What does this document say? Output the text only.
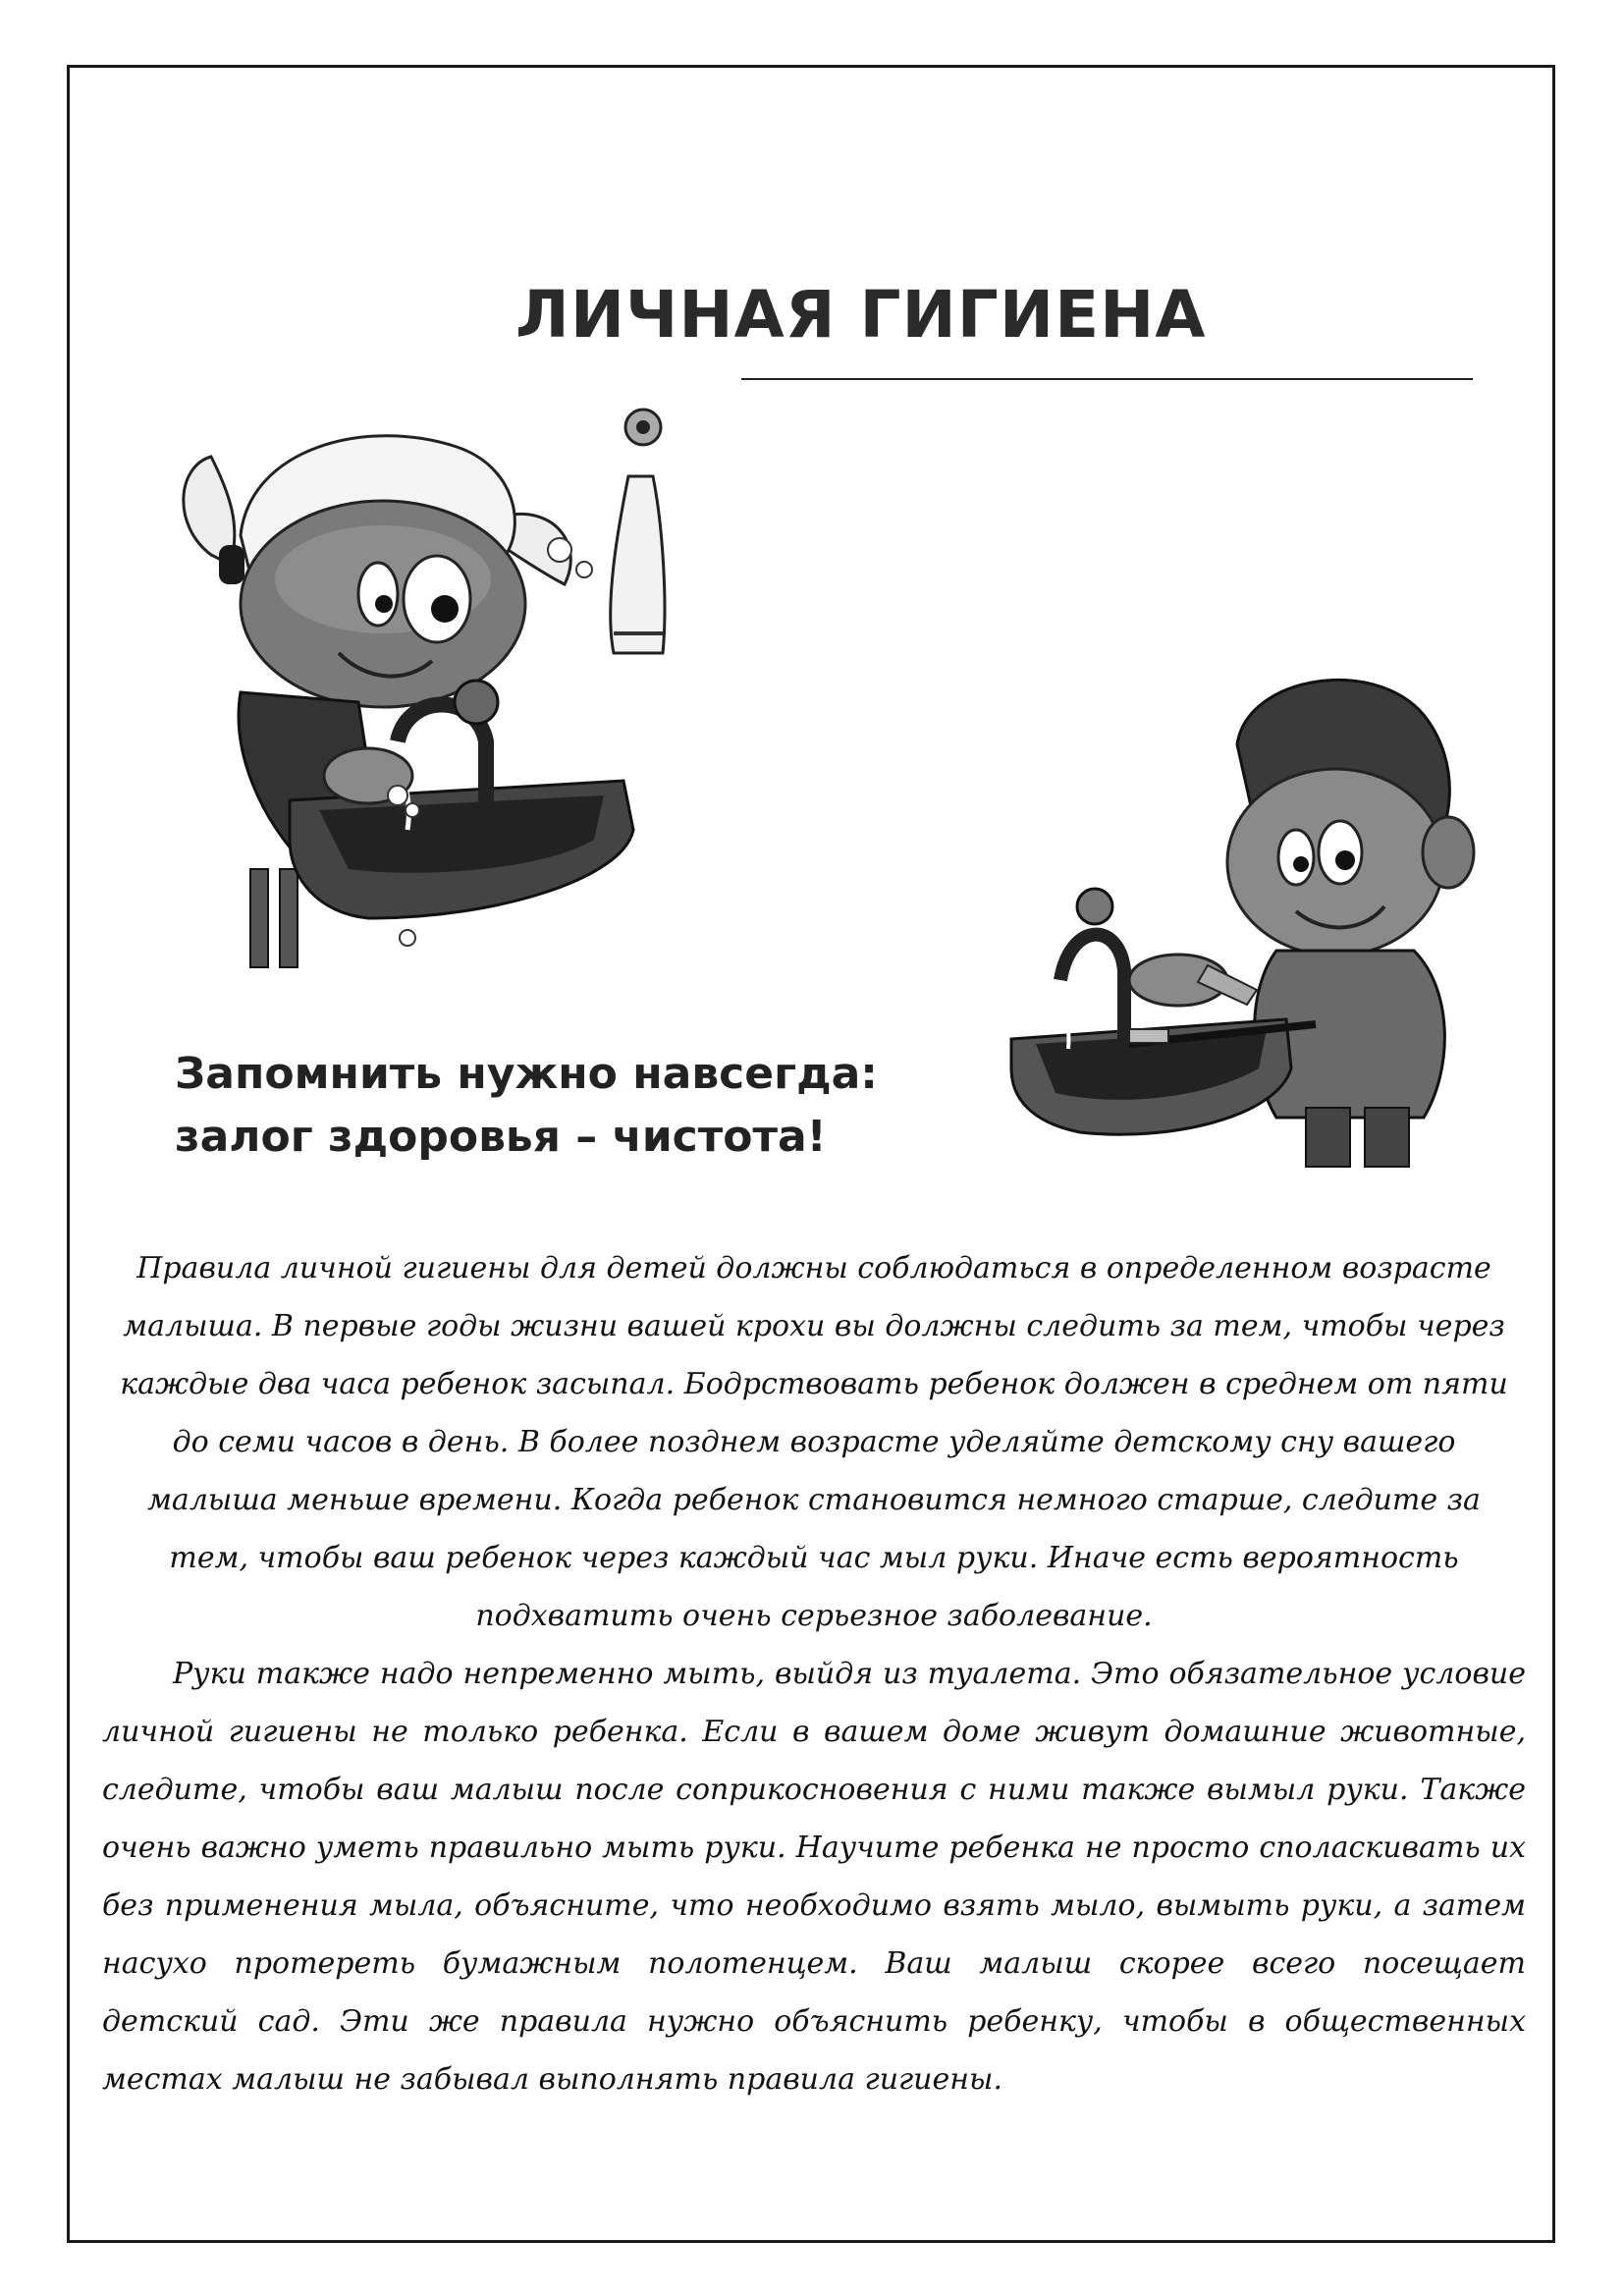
ЛИЧНАЯ ГИГИЕНА
Запомнить нужно навсегда:
залог здоровья – чистота!

Правила личной гигиены для детей должны соблюдаться в определенном возрасте малыша. В первые годы жизни вашей крохи вы должны следить за тем, чтобы через каждые два часа ребенок засыпал. Бодрствовать ребенок должен в среднем от пяти до семи часов в день. В более позднем возрасте уделяйте детскому сну вашего малыша меньше времени. Когда ребенок становится немного старше, следите за тем, чтобы ваш ребенок через каждый час мыл руки. Иначе есть вероятность подхватить очень серьезное заболевание.

Руки также надо непременно мыть, выйдя из туалета. Это обязательное условие личной гигиены не только ребенка. Если в вашем доме живут домашние животные, следите, чтобы ваш малыш после соприкосновения с ними также вымыл руки. Также очень важно уметь правильно мыть руки. Научите ребенка не просто споласкивать их без применения мыла, объясните, что необходимо взять мыло, вымыть руки, а затем насухо протереть бумажным полотенцем. Ваш малыш скорее всего посещает детский сад. Эти же правила нужно объяснить ребенку, чтобы в общественных местах малыш не забывал выполнять правила гигиены.
